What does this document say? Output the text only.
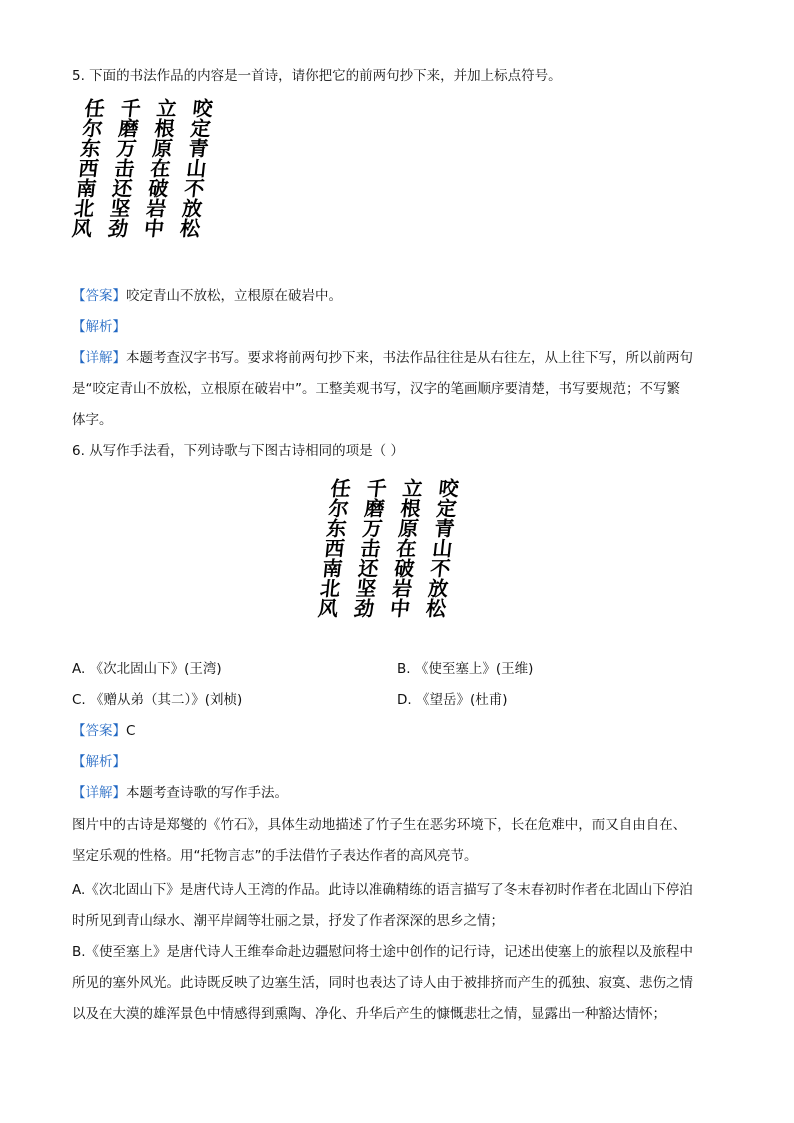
5. 下面的书法作品的内容是一首诗，请你把它的前两句抄下来，并加上标点符号。
咬定青山不放松
立根原在破岩中
千磨万击还坚劲
任尔东西南北风
【答案】咬定青山不放松，立根原在破岩中。
【解析】
【详解】本题考查汉字书写。要求将前两句抄下来，书法作品往往是从右往左，从上往下写，所以前两句
是“咬定青山不放松，立根原在破岩中”。工整美观书写，汉字的笔画顺序要清楚，书写要规范；不写繁
体字。
6. 从写作手法看，下列诗歌与下图古诗相同的项是（ ）
咬定青山不放松
立根原在破岩中
千磨万击还坚劲
任尔东西南北风
A. 《次北固山下》(王湾)	B. 《使至塞上》(王维)
C. 《赠从弟（其二）》(刘桢)	D. 《望岳》(杜甫)
【答案】C
【解析】
【详解】本题考查诗歌的写作手法。
图片中的古诗是郑燮的《竹石》，具体生动地描述了竹子生在恶劣环境下，长在危难中，而又自由自在、
坚定乐观的性格。用“托物言志”的手法借竹子表达作者的高风亮节。
A.《次北固山下》是唐代诗人王湾的作品。此诗以准确精练的语言描写了冬末春初时作者在北固山下停泊
时所见到青山绿水、潮平岸阔等壮丽之景，抒发了作者深深的思乡之情；
B.《使至塞上》是唐代诗人王维奉命赴边疆慰问将士途中创作的记行诗，记述出使塞上的旅程以及旅程中
所见的塞外风光。此诗既反映了边塞生活，同时也表达了诗人由于被排挤而产生的孤独、寂寞、悲伤之情
以及在大漠的雄浑景色中情感得到熏陶、净化、升华后产生的慷慨悲壮之情，显露出一种豁达情怀；
